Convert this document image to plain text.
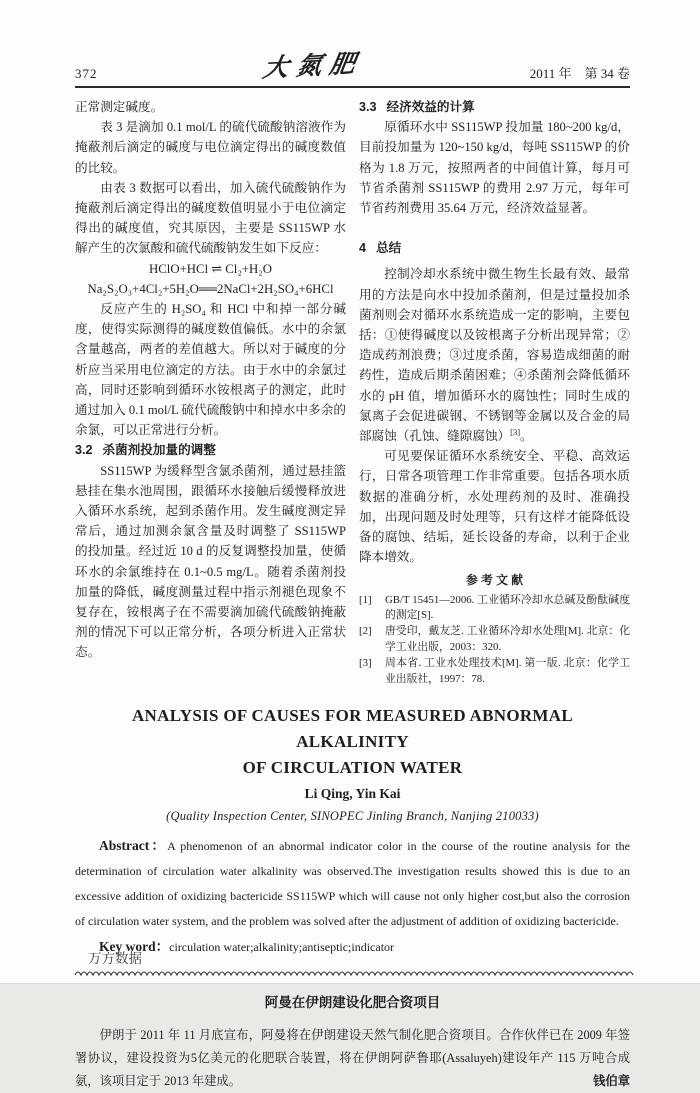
372	大氮肥	2011 年　第 34 卷

正常测定碱度。

表 3 是滴加 0.1 mol/L 的硫代硫酸钠溶液作为掩蔽剂后滴定的碱度与电位滴定得出的碱度数值的比较。

由表 3 数据可以看出，加入硫代硫酸钠作为掩蔽剂后滴定得出的碱度数值明显小于电位滴定得出的碱度值，究其原因，主要是 SS115WP 水解产生的次氯酸和硫代硫酸钠发生如下反应：

HClO+HCl ⇌ Cl₂+H₂O

Na₂S₂O₃+4Cl₂+5H₂O══2NaCl+2H₂SO₄+6HCl

反应产生的 H₂SO₄ 和 HCl 中和掉一部分碱度，使得实际测得的碱度数值偏低。水中的余氯含量越高，两者的差值越大。所以对于碱度的分析应当采用电位滴定的方法。由于水中的余氯过高，同时还影响到循环水铵根离子的测定，此时通过加入 0.1 mol/L 硫代硫酸钠中和掉水中多余的余氯，可以正常进行分析。

3.2 杀菌剂投加量的调整

SS115WP 为缓释型含氯杀菌剂，通过悬挂篮悬挂在集水池周围，跟循环水接触后缓慢释放进入循环水系统，起到杀菌作用。发生碱度测定异常后，通过加测余氯含量及时调整了 SS115WP 的投加量。经过近 10 d 的反复调整投加量，使循环水的余氯维持在 0.1~0.5 mg/L。随着杀菌剂投加量的降低，碱度测量过程中指示剂褪色现象不复存在，铵根离子在不需要滴加硫代硫酸钠掩蔽剂的情况下可以正常分析，各项分析进入正常状态。

3.3 经济效益的计算

原循环水中 SS115WP 投加量 180~200 kg/d，目前投加量为 120~150 kg/d，每吨 SS115WP 的价格为 1.8 万元，按照两者的中间值计算，每月可节省杀菌剂 SS115WP 的费用 2.97 万元，每年可节省药剂费用 35.64 万元，经济效益显著。

4 总结

控制冷却水系统中微生物生长最有效、最常用的方法是向水中投加杀菌剂，但是过量投加杀菌剂则会对循环水系统造成一定的影响，主要包括：①使得碱度以及铵根离子分析出现异常；②造成药剂浪费；③过度杀菌，容易造成细菌的耐药性，造成后期杀菌困难；④杀菌剂会降低循环水的 pH 值，增加循环水的腐蚀性；同时生成的氯离子会促进碳钢、不锈钢等金属以及合金的局部腐蚀（孔蚀、缝隙腐蚀）[3]。

可见要保证循环水系统安全、平稳、高效运行，日常各项管理工作非常重要。包括各项水质数据的准确分析，水处理药剂的及时、准确投加，出现问题及时处理等，只有这样才能降低设备的腐蚀、结垢，延长设备的寿命，以利于企业降本增效。

参 考 文 献

[1]	GB/T 15451—2006. 工业循环冷却水总碱及酚酞碱度的测定[S].
[2]	唐受印，戴友芝. 工业循环冷却水处理[M]. 北京：化学工业出版，2003：320.
[3]	周本省. 工业水处理技术[M]. 第一版. 北京：化学工业出版社，1997：78.
ANALYSIS OF CAUSES FOR MEASURED ABNORMAL ALKALINITY
OF CIRCULATION WATER
Li Qing, Yin Kai
(Quality Inspection Center, SINOPEC Jinling Branch, Nanjing 210033)

Abstract：A phenomenon of an abnormal indicator color in the course of the routine analysis for the determination of circulation water alkalinity was observed.The investigation results showed this is due to an excessive addition of oxidizing bactericide SS115WP which will cause not only higher cost,but also the corrosion of circulation water system, and the problem was solved after the adjustment of addition of oxidizing bactericide.

Key word：circulation water;alkalinity;antiseptic;indicator

阿曼在伊朗建设化肥合资项目

伊朗于 2011 年 11 月底宣布，阿曼将在伊朗建设天然气制化肥合资项目。合作伙伴已在 2009 年签署协议，建设投资为5亿美元的化肥联合装置，将在伊朗阿萨鲁耶(Assaluyeh)建设年产 115 万吨合成氨，该项目定于 2013 年建成。	钱伯章

万方数据
